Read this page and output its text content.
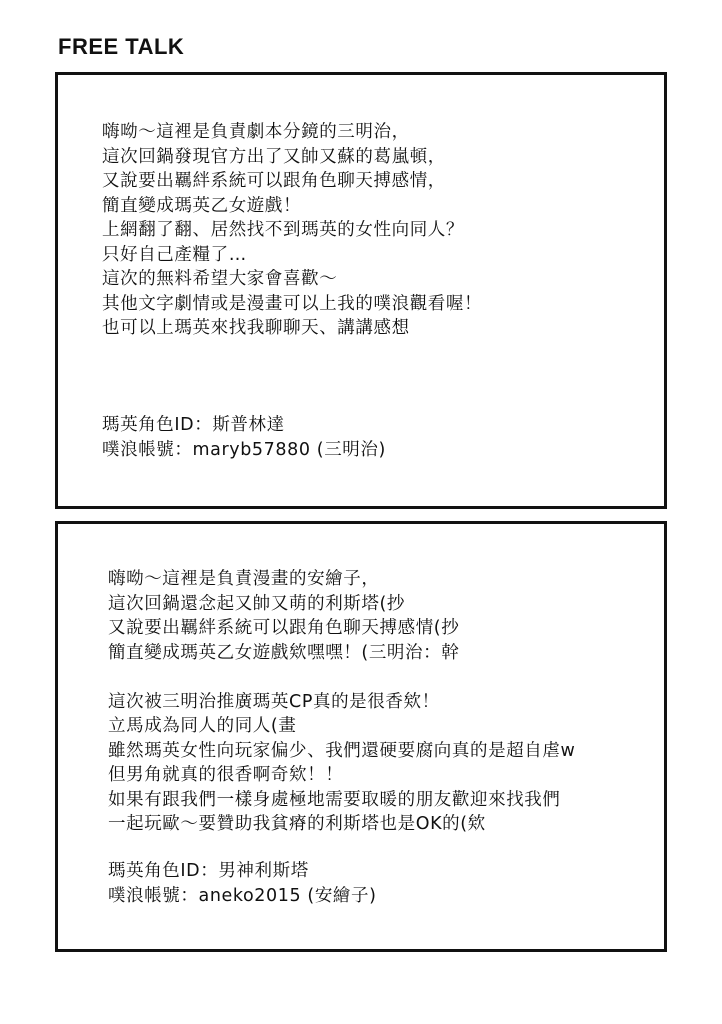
FREE TALK
嗨呦～這裡是負責劇本分鏡的三明治，
這次回鍋發現官方出了又帥又蘇的葛嵐頓，
又說要出羈絆系統可以跟角色聊天搏感情，
簡直變成瑪英乙女遊戲！
上網翻了翻、居然找不到瑪英的女性向同人？
只好自己產糧了…
這次的無料希望大家會喜歡～
其他文字劇情或是漫畫可以上我的噗浪觀看喔！
也可以上瑪英來找我聊聊天、講講感想
瑪英角色ID：斯普林達
噗浪帳號：maryb57880 (三明治)
嗨呦～這裡是負責漫畫的安繪子，
這次回鍋還念起又帥又萌的利斯塔(抄
又說要出羈絆系統可以跟角色聊天搏感情(抄
簡直變成瑪英乙女遊戲欸嘿嘿！(三明治：幹
這次被三明治推廣瑪英CP真的是很香欸！
立馬成為同人的同人(畫
雖然瑪英女性向玩家偏少、我們還硬要腐向真的是超自虐w
但男角就真的很香啊奇欸！！
如果有跟我們一樣身處極地需要取暖的朋友歡迎來找我們
一起玩歐～要贊助我貧瘠的利斯塔也是OK的(欸
瑪英角色ID：男神利斯塔
噗浪帳號：aneko2015 (安繪子)
